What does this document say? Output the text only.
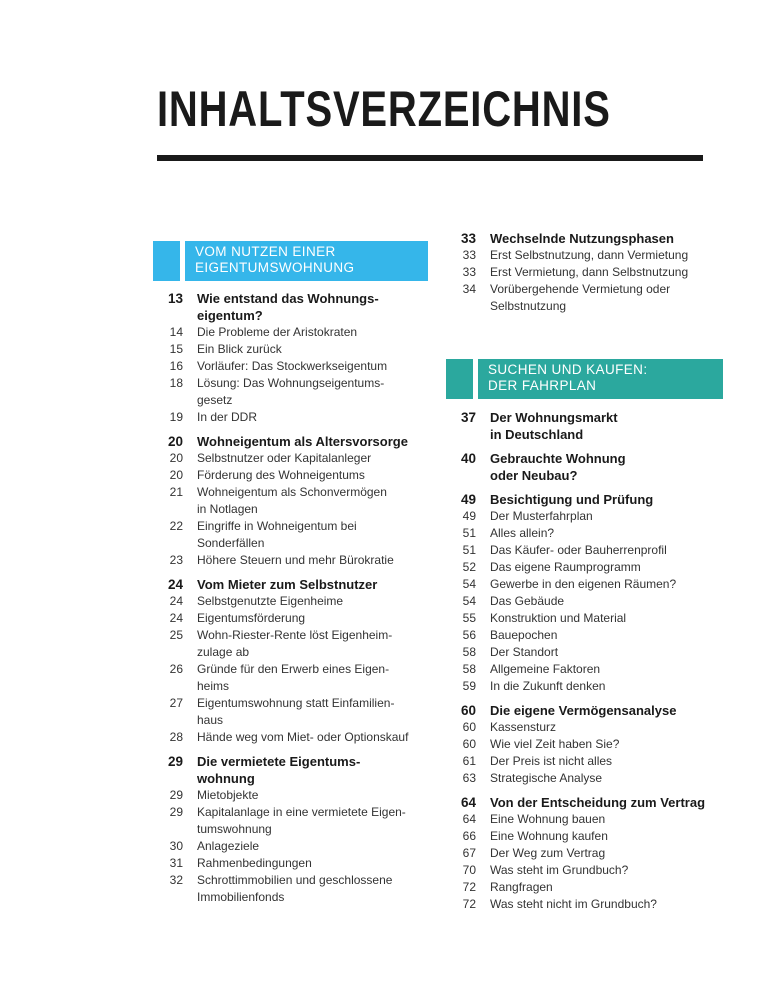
INHALTSVERZEICHNIS
VOM NUTZEN EINER
EIGENTUMSWOHNUNG
SUCHEN UND KAUFEN:
DER FAHRPLAN
13	Wie entstand das Wohnungs-
eigentum?
14	Die Probleme der Aristokraten
15	Ein Blick zurück
16	Vorläufer: Das Stockwerkseigentum
18	Lösung: Das Wohnungseigentums-
gesetz
19	In der DDR
20	Wohneigentum als Altersvorsorge
20	Selbstnutzer oder Kapitalanleger
20	Förderung des Wohneigentums
21	Wohneigentum als Schonvermögen
in Notlagen
22	Eingriffe in Wohneigentum bei
Sonderfällen
23	Höhere Steuern und mehr Bürokratie
24	Vom Mieter zum Selbstnutzer
24	Selbstgenutzte Eigenheime
24	Eigentumsförderung
25	Wohn-Riester-Rente löst Eigenheim-
zulage ab
26	Gründe für den Erwerb eines Eigen-
heims
27	Eigentumswohnung statt Einfamilien-
haus
28	Hände weg vom Miet- oder Optionskauf
29	Die vermietete Eigentums-
wohnung
29	Mietobjekte
29	Kapitalanlage in eine vermietete Eigen-
tumswohnung
30	Anlageziele
31	Rahmenbedingungen
32	Schrottimmobilien und geschlossene
Immobilienfonds
33	Wechselnde Nutzungsphasen
33	Erst Selbstnutzung, dann Vermietung
33	Erst Vermietung, dann Selbstnutzung
34	Vorübergehende Vermietung oder
Selbstnutzung
37	Der Wohnungsmarkt
in Deutschland
40	Gebrauchte Wohnung
oder Neubau?
49	Besichtigung und Prüfung
49	Der Musterfahrplan
51	Alles allein?
51	Das Käufer- oder Bauherrenprofil
52	Das eigene Raumprogramm
54	Gewerbe in den eigenen Räumen?
54	Das Gebäude
55	Konstruktion und Material
56	Bauepochen
58	Der Standort
58	Allgemeine Faktoren
59	In die Zukunft denken
60	Die eigene Vermögensanalyse
60	Kassensturz
60	Wie viel Zeit haben Sie?
61	Der Preis ist nicht alles
63	Strategische Analyse
64	Von der Entscheidung zum Vertrag
64	Eine Wohnung bauen
66	Eine Wohnung kaufen
67	Der Weg zum Vertrag
70	Was steht im Grundbuch?
72	Rangfragen
72	Was steht nicht im Grundbuch?
